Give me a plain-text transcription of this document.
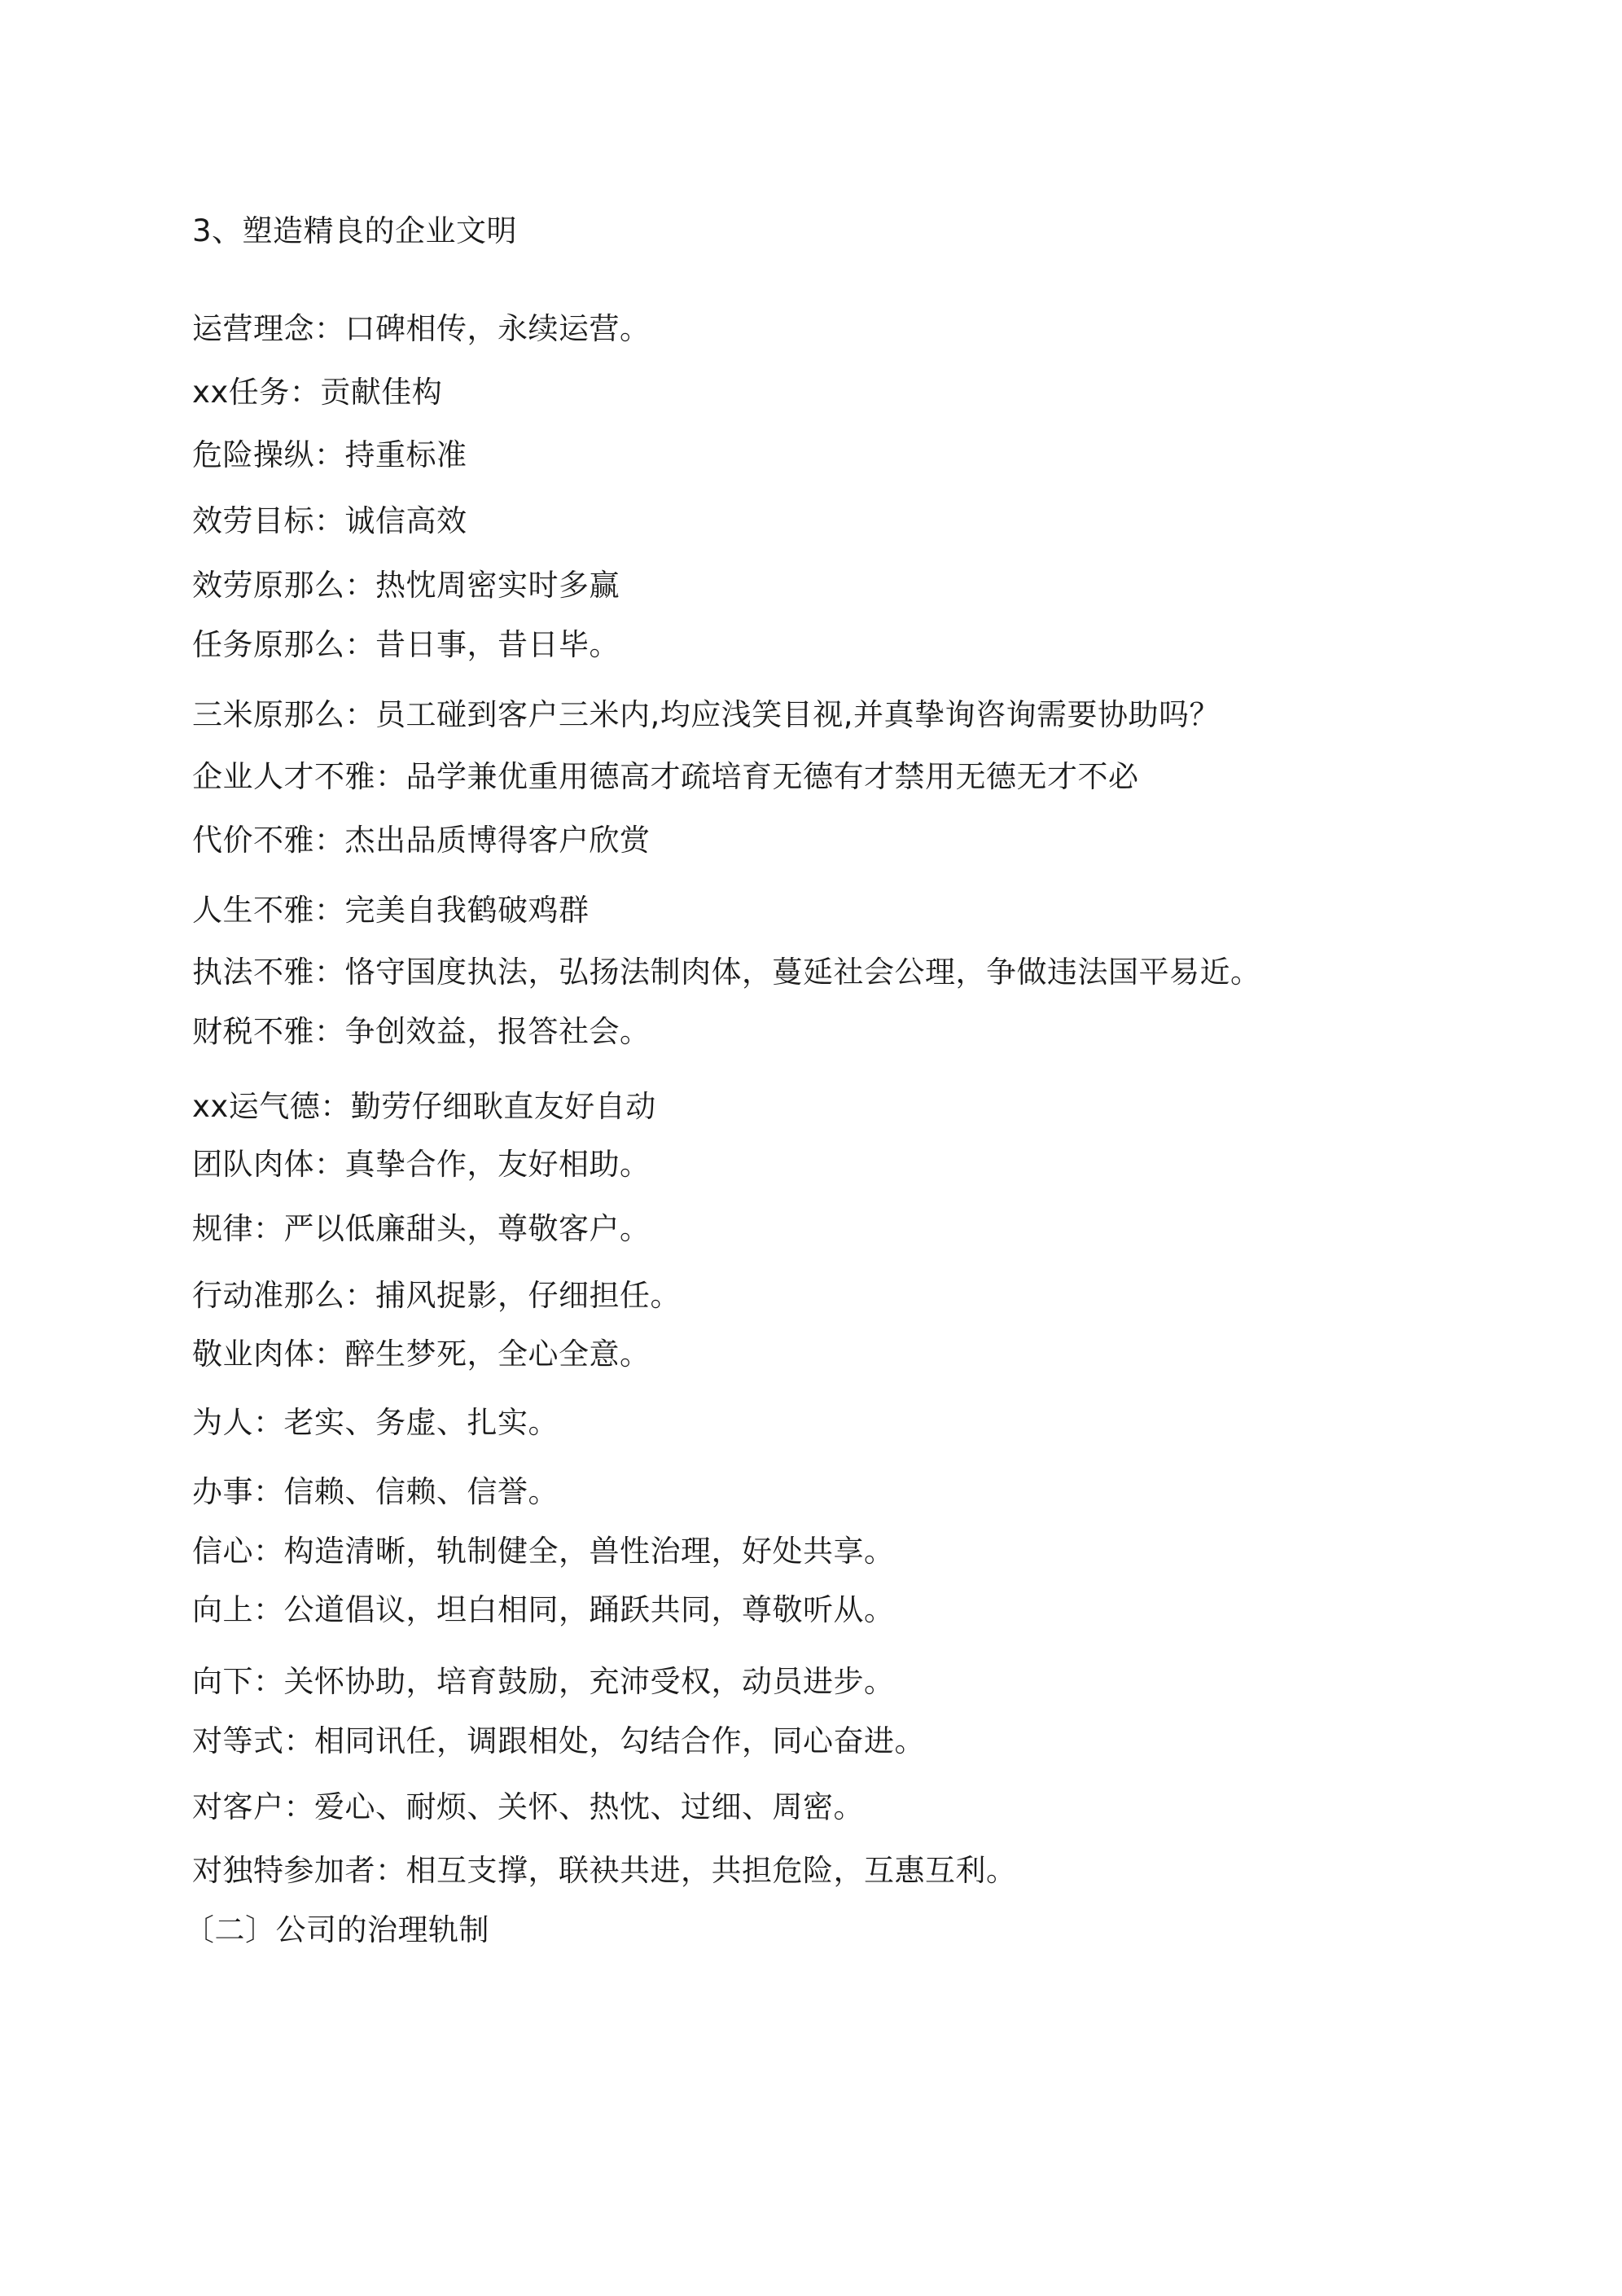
3、塑造精良的企业文明
运营理念：口碑相传，永续运营。
xx任务：贡献佳构
危险操纵：持重标准
效劳目标：诚信高效
效劳原那么：热忱周密实时多赢
任务原那么：昔日事，昔日毕。
三米原那么：员工碰到客户三米内,均应浅笑目视,并真挚询咨询需要协助吗？
企业人才不雅：品学兼优重用德高才疏培育无德有才禁用无德无才不必
代价不雅：杰出品质博得客户欣赏
人生不雅：完美自我鹤破鸡群
执法不雅：恪守国度执法，弘扬法制肉体，蔓延社会公理，争做违法国平易近。
财税不雅：争创效益，报答社会。
xx运气德：勤劳仔细耿直友好自动
团队肉体：真挚合作，友好相助。
规律：严以低廉甜头，尊敬客户。
行动准那么：捕风捉影，仔细担任。
敬业肉体：醉生梦死，全心全意。
为人：老实、务虚、扎实。
办事：信赖、信赖、信誉。
信心：构造清晰，轨制健全，兽性治理，好处共享。
向上：公道倡议，坦白相同，踊跃共同，尊敬听从。
向下：关怀协助，培育鼓励，充沛受权，动员进步。
对等式：相同讯任，调跟相处，勾结合作，同心奋进。
对客户：爱心、耐烦、关怀、热忱、过细、周密。
对独特参加者：相互支撑，联袂共进，共担危险，互惠互利。
〔二〕公司的治理轨制
